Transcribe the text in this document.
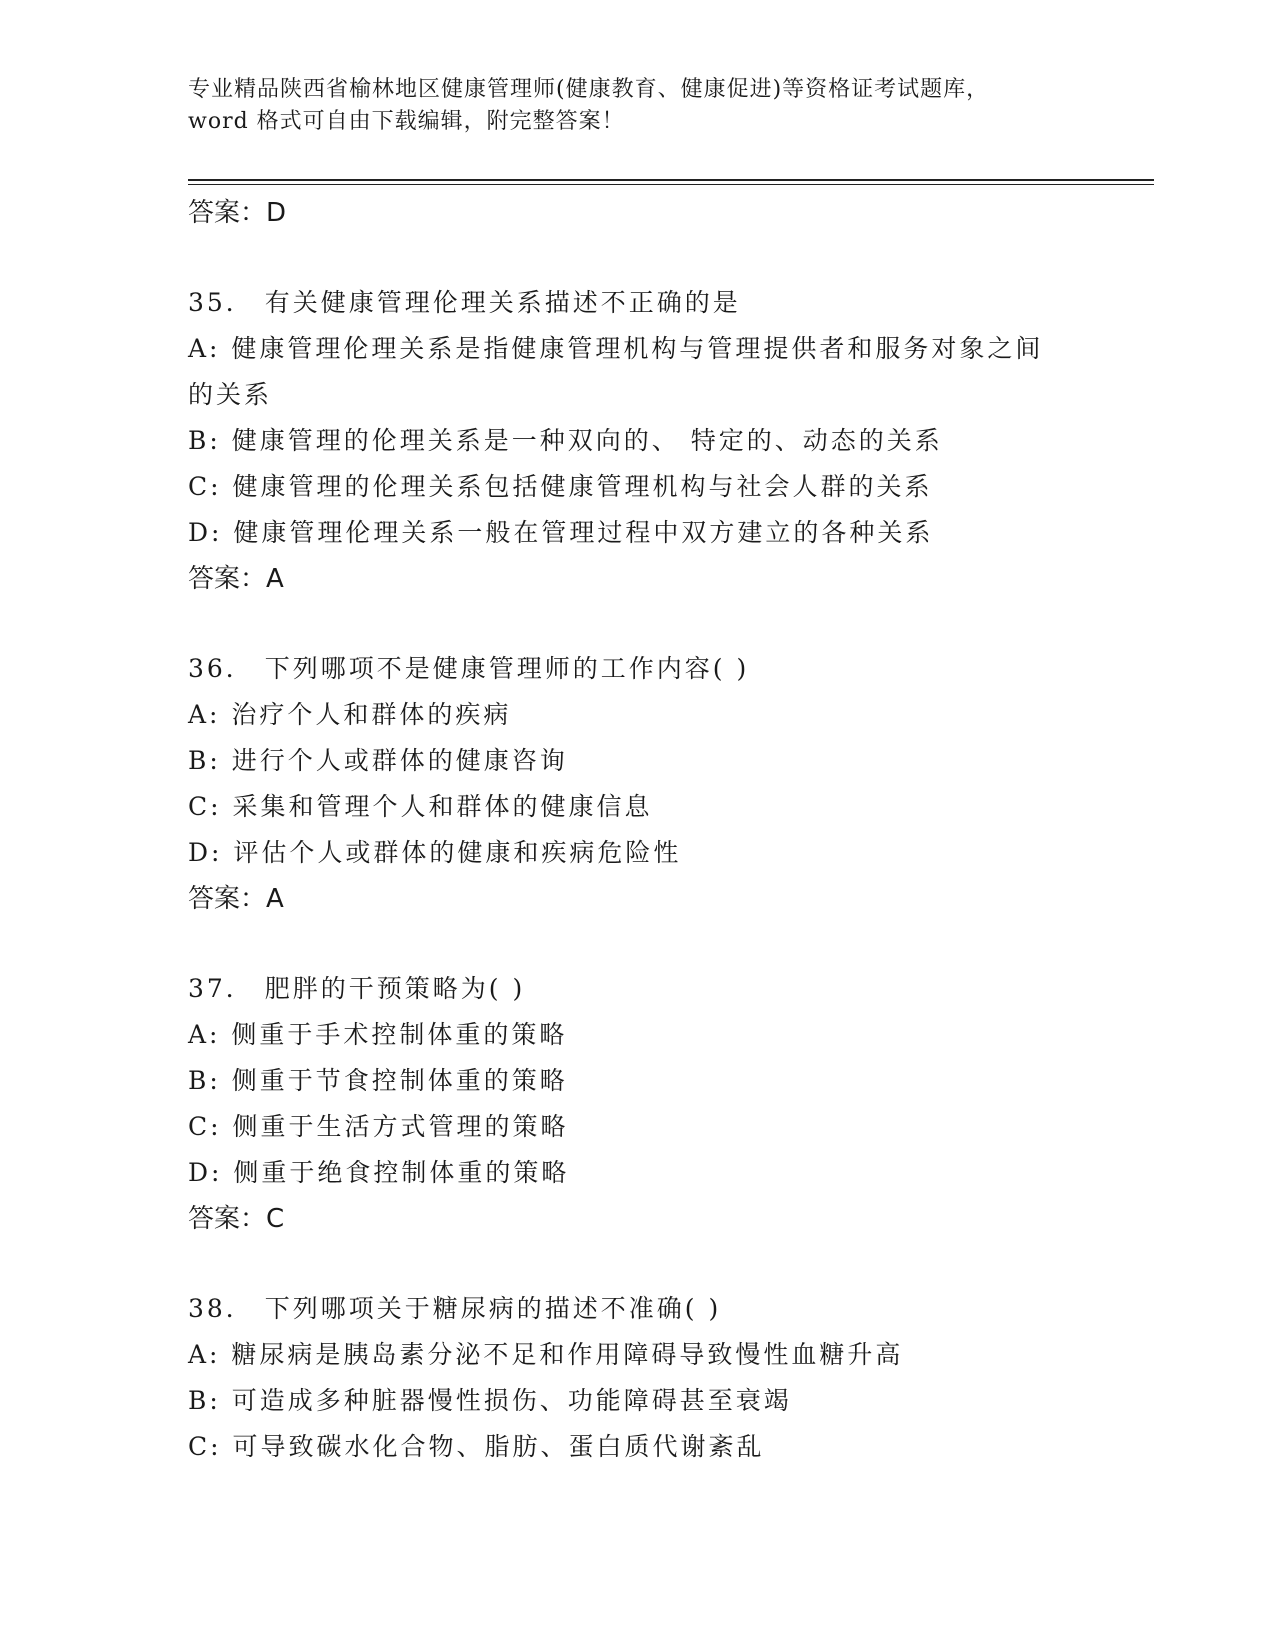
专业精品陕西省榆林地区健康管理师(健康教育、健康促进)等资格证考试题库，
word 格式可自由下载编辑，附完整答案！
答案：D
35． 有关健康管理伦理关系描述不正确的是
A: 健康管理伦理关系是指健康管理机构与管理提供者和服务对象之间
的关系
B: 健康管理的伦理关系是一种双向的、 特定的、动态的关系
C: 健康管理的伦理关系包括健康管理机构与社会人群的关系
D: 健康管理伦理关系一般在管理过程中双方建立的各种关系
答案：A
36． 下列哪项不是健康管理师的工作内容( )
A: 治疗个人和群体的疾病
B: 进行个人或群体的健康咨询
C: 采集和管理个人和群体的健康信息
D: 评估个人或群体的健康和疾病危险性
答案：A
37． 肥胖的干预策略为( )
A: 侧重于手术控制体重的策略
B: 侧重于节食控制体重的策略
C: 侧重于生活方式管理的策略
D: 侧重于绝食控制体重的策略
答案：C
38． 下列哪项关于糖尿病的描述不准确( )
A: 糖尿病是胰岛素分泌不足和作用障碍导致慢性血糖升高
B: 可造成多种脏器慢性损伤、功能障碍甚至衰竭
C: 可导致碳水化合物、脂肪、蛋白质代谢紊乱
